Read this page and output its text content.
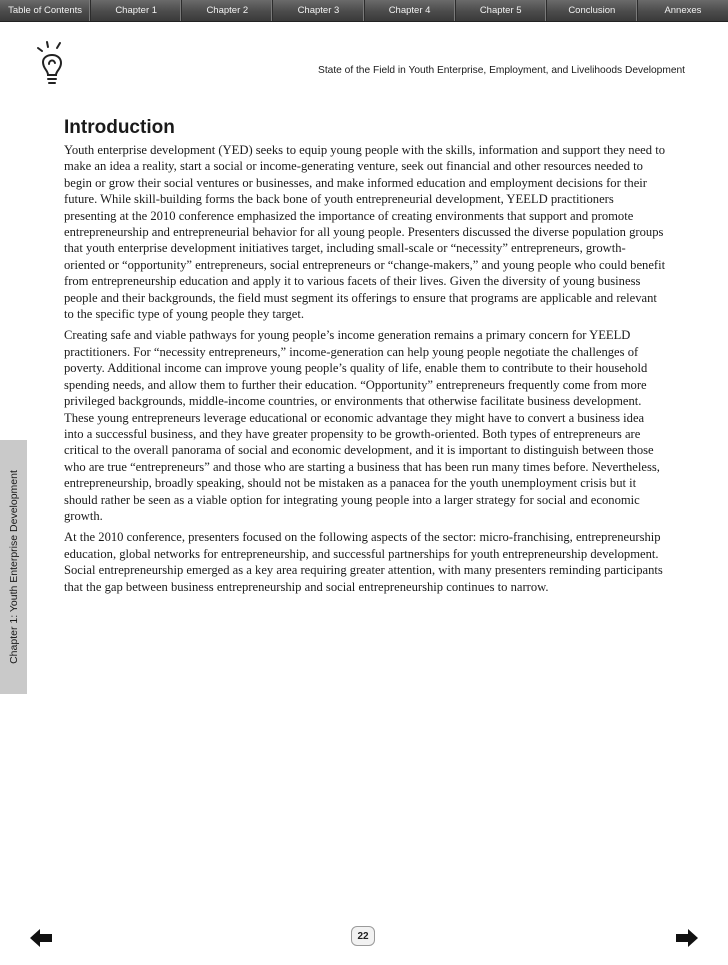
Table of Contents	Chapter 1	Chapter 2	Chapter 3	Chapter 4	Chapter 5	Conclusion	Annexes
State of the Field in Youth Enterprise, Employment, and Livelihoods Development
Chapter 1: Youth Enterprise Development
Introduction

Youth enterprise development (YED) seeks to equip young people with the skills, information and support they need to make an idea a reality, start a social or income-generating venture, seek out financial and other resources needed to begin or grow their social ventures or businesses, and make informed education and employment decisions for their future. While skill-building forms the back bone of youth entrepreneurial development, YEELD practitioners presenting at the 2010 conference emphasized the importance of creating environments that support and promote entrepreneurship and entrepreneurial behavior for all young people. Presenters discussed the diverse population groups that youth enterprise development initiatives target, including small-scale or “necessity” entrepreneurs, growth-oriented or “opportunity” entrepreneurs, social entrepreneurs or “change-makers,” and young people who could benefit from entrepreneurship education and apply it to various facets of their lives. Given the diversity of young business people and their backgrounds, the field must segment its offerings to ensure that programs are applicable and relevant to the specific type of young people they target.

Creating safe and viable pathways for young people’s income generation remains a primary concern for YEELD practitioners. For “necessity entrepreneurs,” income-generation can help young people negotiate the challenges of poverty. Additional income can improve young people’s quality of life, enable them to contribute to their household spending needs, and allow them to further their education. “Opportunity” entrepreneurs frequently come from more privileged backgrounds, middle-income countries, or environments that otherwise facilitate business development. These young entrepreneurs leverage educational or economic advantage they might have to convert a business idea into a successful business, and they have greater propensity to be growth-oriented. Both types of entrepreneurs are critical to the overall panorama of social and economic development, and it is important to distinguish between those who are true “entrepreneurs” and those who are starting a business that has been run many times before. Nevertheless, entrepreneurship, broadly speaking, should not be mistaken as a panacea for the youth unemployment crisis but it should rather be seen as a viable option for integrating young people into a larger strategy for social and economic growth.

At the 2010 conference, presenters focused on the following aspects of the sector: micro-franchising, entrepreneurship education, global networks for entrepreneurship, and successful partnerships for youth entrepreneurship development. Social entrepreneurship emerged as a key area requiring greater attention, with many presenters reminding participants that the gap between business entrepreneurship and social entrepreneurship continues to narrow.

22
